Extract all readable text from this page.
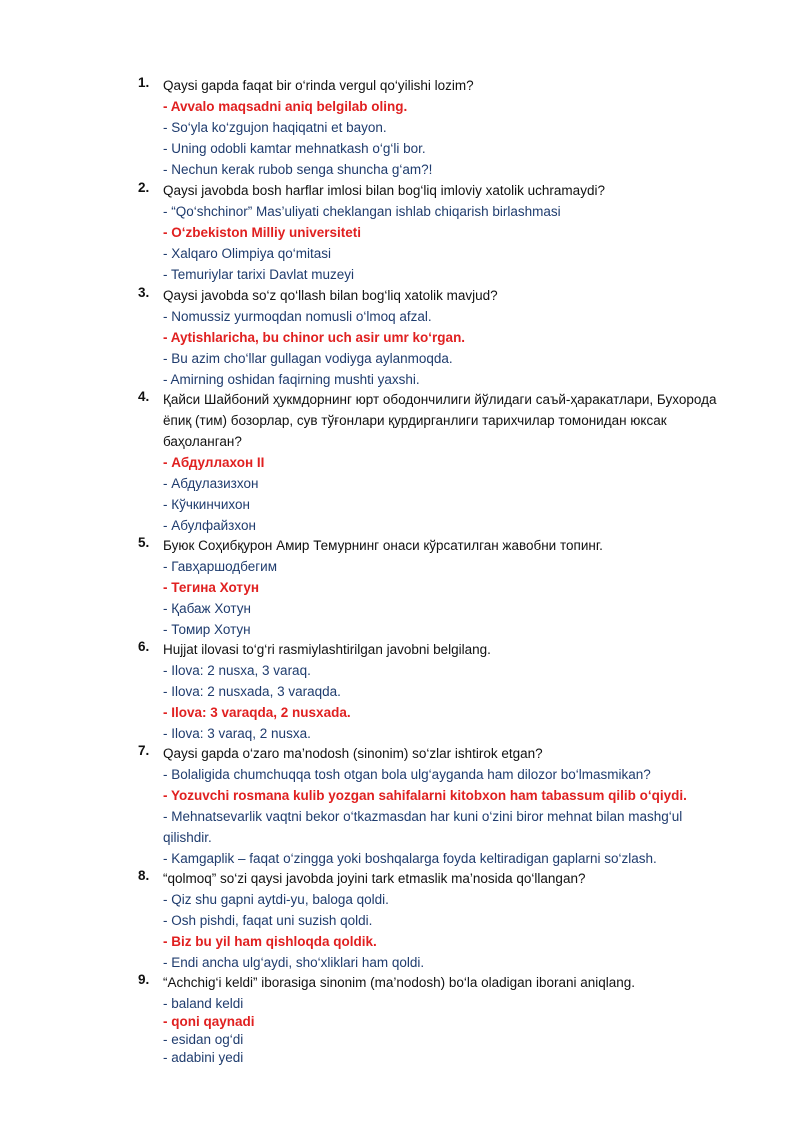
1. Qaysi gapda faqat bir o‘rinda vergul qo‘yilishi lozim?
- Avvalo maqsadni aniq belgilab oling.
- So‘yla ko‘zgujon haqiqatni et bayon.
- Uning odobli kamtar mehnatkash o‘g‘li bor.
- Nechun kerak rubob senga shuncha g‘am?!
2. Qaysi javobda bosh harflar imlosi bilan bog‘liq imloviy xatolik uchramaydi?
- “Qo‘shchinor” Mas’uliyati cheklangan ishlab chiqarish birlashmasi
- O‘zbekiston Milliy universiteti
- Xalqaro Olimpiya qo‘mitasi
- Temuriylar tarixi Davlat muzeyi
3. Qaysi javobda so‘z qo‘llash bilan bog‘liq xatolik mavjud?
- Nomussiz yurmoqdan nomusli o‘lmoq afzal.
- Aytishlaricha, bu chinor uch asir umr ko‘rgan.
- Bu azim cho‘llar gullagan vodiyga aylanmoqda.
- Amirning oshidan faqirning mushti yaxshi.
4. Қайси Шайбоний ҳукмдорнинг юрт ободончилиги йўлидаги саъй-ҳаракатлари, Бухорода
ёпиқ (тим) бозорлар, сув тўғонлари қурдирганлиги тарихчилар томонидан юксак
баҳоланган?
- Абдуллахон II
- Абдулазизхон
- Кўчкинчихон
- Абулфайзхон
5. Буюк Соҳибқурон Амир Темурнинг онаси кўрсатилган жавобни топинг.
- Гавҳаршодбегим
- Тегина Хотун
- Қабаж Хотун
- Томир Хотун
6. Hujjat ilovasi to‘g‘ri rasmiylashtirilgan javobni belgilang.
- Ilova: 2 nusxa, 3 varaq.
- Ilova: 2 nusxada, 3 varaqda.
- Ilova: 3 varaqda, 2 nusxada.
- Ilova: 3 varaq, 2 nusxa.
7. Qaysi gapda o‘zaro ma’nodosh (sinonim) so‘zlar ishtirok etgan?
- Bolaligida chumchuqqa tosh otgan bola ulg‘ayganda ham dilozor bo‘lmasmikan?
- Yozuvchi rosmana kulib yozgan sahifalarni kitobxon ham tabassum qilib o‘qiydi.
- Mehnatsevarlik vaqtni bekor o‘tkazmasdan har kuni o‘zini biror mehnat bilan mashg‘ul
qilishdir.
- Kamgaplik – faqat o‘zingga yoki boshqalarga foyda keltiradigan gaplarni so‘zlash.
8. “qolmoq” so‘zi qaysi javobda joyini tark etmaslik ma’nosida qo‘llangan?
- Qiz shu gapni aytdi-yu, baloga qoldi.
- Osh pishdi, faqat uni suzish qoldi.
- Biz bu yil ham qishloqda qoldik.
- Endi ancha ulg‘aydi, sho‘xliklari ham qoldi.
9. “Achchig‘i keldi” iborasiga sinonim (ma’nodosh) bo‘la oladigan iborani aniqlang.
- baland keldi
- qoni qaynadi
- esidan og‘di
- adabini yedi
